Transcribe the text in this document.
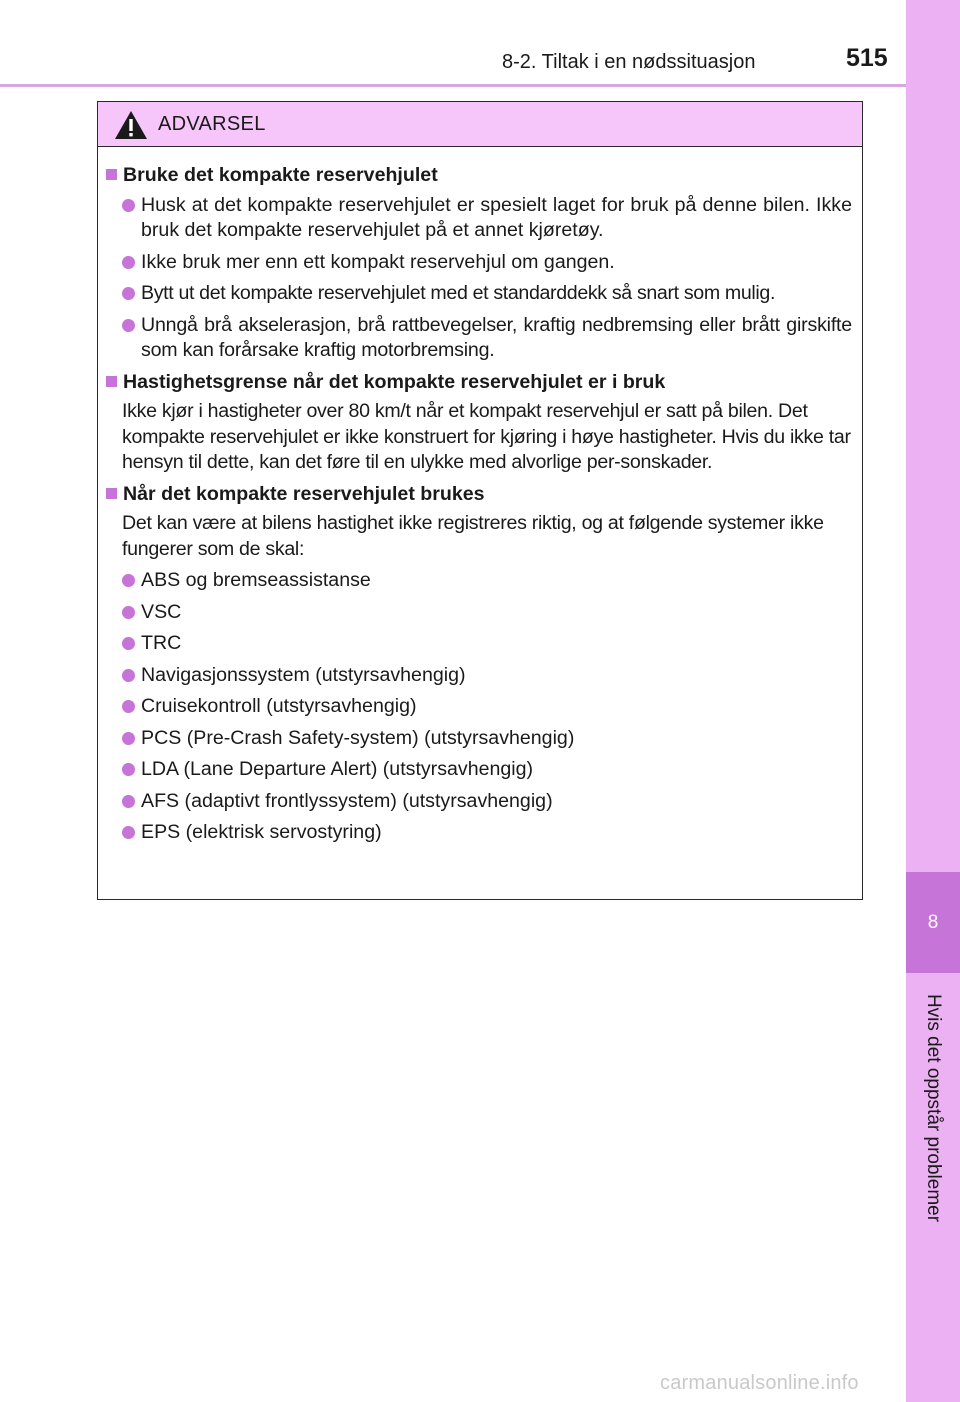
8-2. Tiltak i en nødssituasjon	515
8
Hvis det oppstår problemer
ADVARSEL
Bruke det kompakte reservehjulet
Husk at det kompakte reservehjulet er spesielt laget for bruk på denne bilen. Ikke bruk det kompakte reservehjulet på et annet kjøretøy.
Ikke bruk mer enn ett kompakt reservehjul om gangen.
Bytt ut det kompakte reservehjulet med et standarddekk så snart som mulig.
Unngå brå akselerasjon, brå rattbevegelser, kraftig nedbremsing eller brått girskifte som kan forårsake kraftig motorbremsing.
Hastighetsgrense når det kompakte reservehjulet er i bruk
Ikke kjør i hastigheter over 80 km/t når et kompakt reservehjul er satt på bilen. Det kompakte reservehjulet er ikke konstruert for kjøring i høye hastigheter. Hvis du ikke tar hensyn til dette, kan det føre til en ulykke med alvorlige per-sonskader.
Når det kompakte reservehjulet brukes
Det kan være at bilens hastighet ikke registreres riktig, og at følgende systemer ikke fungerer som de skal:
ABS og bremseassistanse
VSC
TRC
Navigasjonssystem (utstyrsavhengig)
Cruisekontroll (utstyrsavhengig)
PCS (Pre-Crash Safety-system) (utstyrsavhengig)
LDA (Lane Departure Alert) (utstyrsavhengig)
AFS (adaptivt frontlyssystem) (utstyrsavhengig)
EPS (elektrisk servostyring)
carmanualsonline.info
